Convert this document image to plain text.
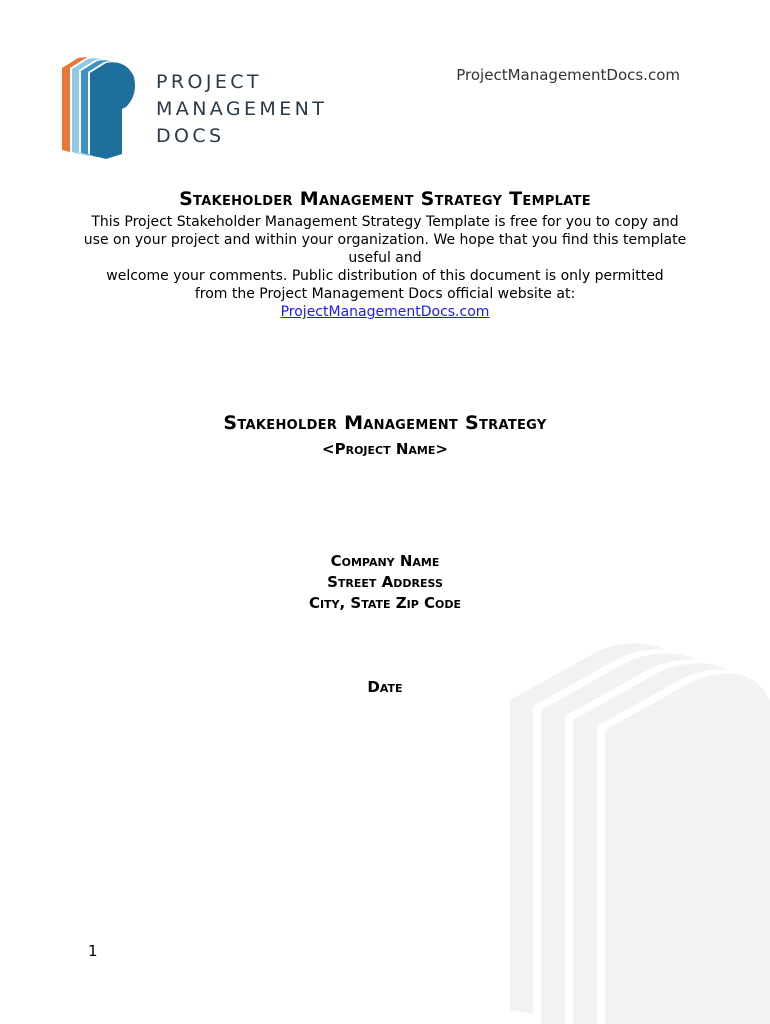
PROJECT
MANAGEMENT
DOCS
ProjectManagementDocs.com
Stakeholder Management Strategy Template
This Project Stakeholder Management Strategy Template is free for you to copy and use on your project and within your organization. We hope that you find this template useful and
welcome your comments. Public distribution of this document is only permitted
from the Project Management Docs official website at:
ProjectManagementDocs.com
Stakeholder Management Strategy
<Project Name>
Company Name
Street Address
City, State Zip Code
Date
1
